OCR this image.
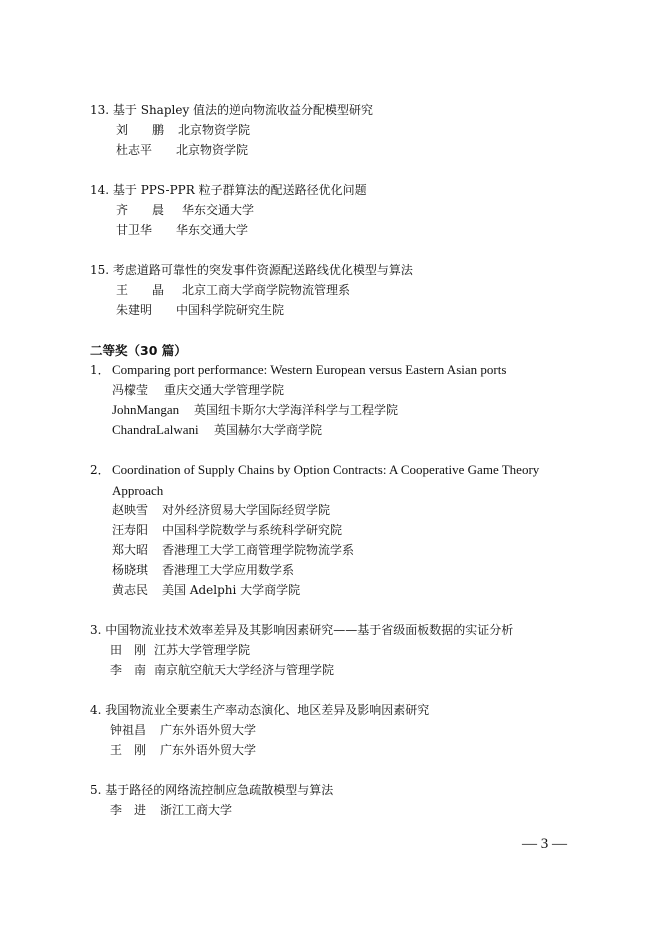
13. 基于 Shapley 值法的逆向物流收益分配模型研究
刘　　鹏 北京物资学院
杜志平 北京物资学院
14. 基于 PPS-PPR 粒子群算法的配送路径优化问题
齐　　晨 华东交通大学
甘卫华 华东交通大学
15. 考虑道路可靠性的突发事件资源配送路线优化模型与算法
王　　晶 北京工商大学商学院物流管理系
朱建明 中国科学院研究生院
二等奖（30 篇）
1． Comparing port performance: Western European versus Eastern Asian ports
冯檬莹 重庆交通大学管理学院
JohnMangan 英国纽卡斯尔大学海洋科学与工程学院
ChandraLalwani 英国赫尔大学商学院
2． Coordination of Supply Chains by Option Contracts: A Cooperative Game Theory
Approach
赵映雪 对外经济贸易大学国际经贸学院
汪寿阳 中国科学院数学与系统科学研究院
郑大昭 香港理工大学工商管理学院物流学系
杨晓琪 香港理工大学应用数学系
黄志民 美国 Adelphi 大学商学院
3. 中国物流业技术效率差异及其影响因素研究——基于省级面板数据的实证分析
田　刚 江苏大学管理学院
李　南 南京航空航天大学经济与管理学院
4. 我国物流业全要素生产率动态演化、地区差异及影响因素研究
钟祖昌 广东外语外贸大学
王　刚 广东外语外贸大学
5. 基于路径的网络流控制应急疏散模型与算法
李　进 浙江工商大学
— 3 —
